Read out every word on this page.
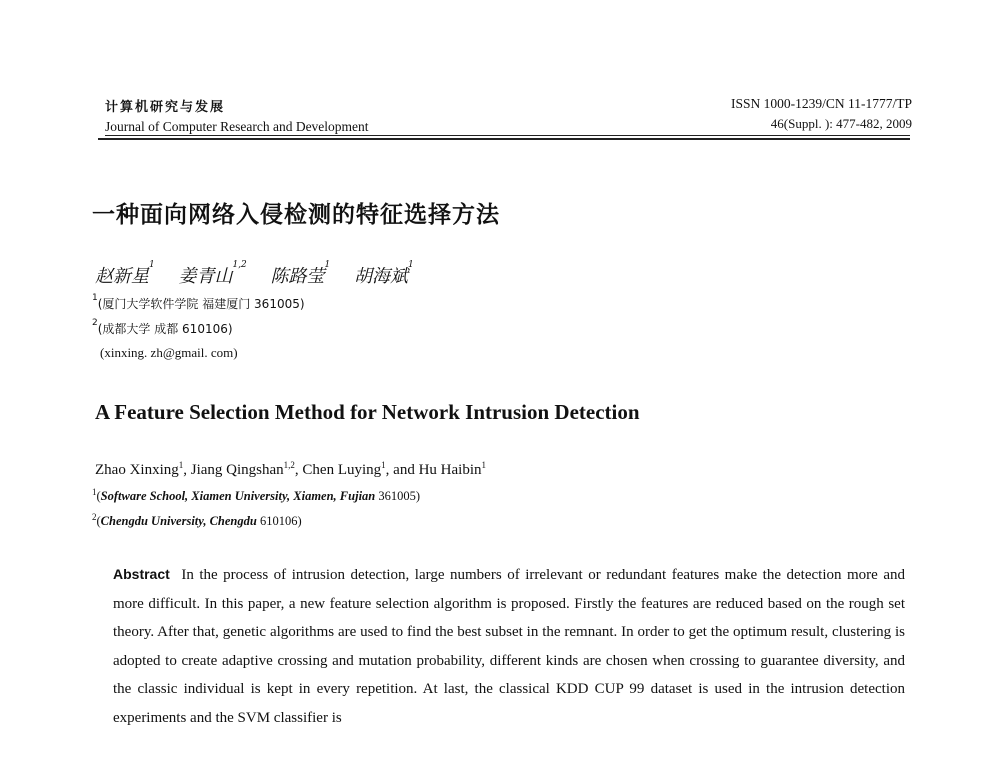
计算机研究与发展
Journal of Computer Research and Development
ISSN 1000-1239/CN 11-1777/TP
46(Suppl. ): 477-482, 2009
一种面向网络入侵检测的特征选择方法
赵新星$^1$ 姜青山$^{1,2}$ 陈路莹$^1$ 胡海斌$^1$
$^1$(厦门大学软件学院 福建厦门 361005)
$^2$(成都大学 成都 610106)
(xinxing. zh@gmail. com)
A Feature Selection Method for Network Intrusion Detection
Zhao Xinxing$^1$, Jiang Qingshan$^{1,2}$, Chen Luying$^1$, and Hu Haibin$^1$
$^1$(Software School, Xiamen University, Xiamen, Fujian 361005)
$^2$(Chengdu University, Chengdu 610106)
Abstract In the process of intrusion detection, large numbers of irrelevant or redundant features make the detection more and more difficult. In this paper, a new feature selection algorithm is proposed. Firstly the features are reduced based on the rough set theory. After that, genetic algorithms are used to find the best subset in the remnant. In order to get the optimum result, clustering is adopted to create adaptive crossing and mutation probability, different kinds are chosen when crossing to guarantee diversity, and the classic individual is kept in every repetition. At last, the classical KDD CUP 99 dataset is used in the intrusion detection experiments and the SVM classifier is
